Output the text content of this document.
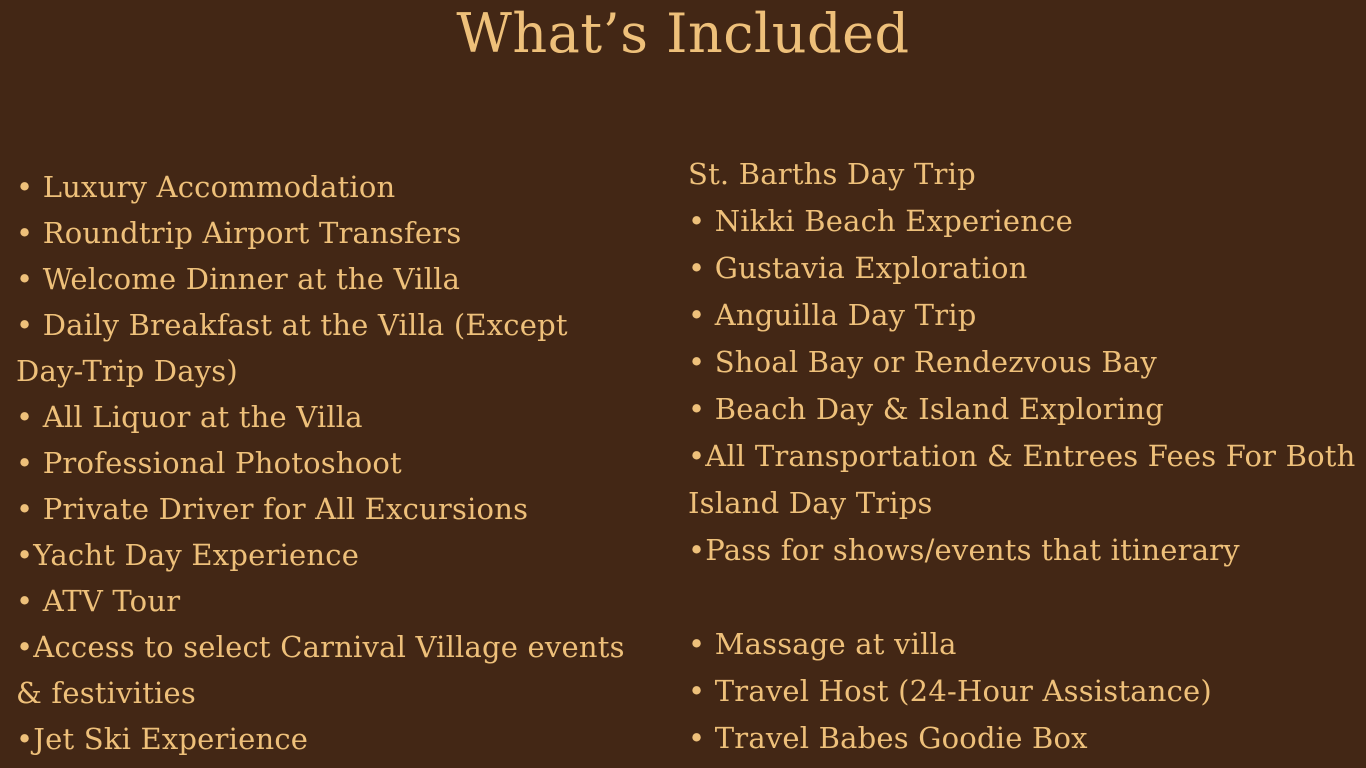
What’s Included
• Luxury Accommodation
• Roundtrip Airport Transfers
• Welcome Dinner at the Villa
• Daily Breakfast at the Villa (Except
Day-Trip Days)
• All Liquor at the Villa
• Professional Photoshoot
• Private Driver for All Excursions
•Yacht Day Experience
• ATV Tour
•Access to select Carnival Village events
& festivities
•Jet Ski Experience
St. Barths Day Trip
• Nikki Beach Experience
• Gustavia Exploration
• Anguilla Day Trip
• Shoal Bay or Rendezvous Bay
• Beach Day & Island Exploring
•All Transportation & Entrees Fees For Both
Island Day Trips
•Pass for shows/events that itinerary
• Massage at villa
• Travel Host (24-Hour Assistance)
• Travel Babes Goodie Box
